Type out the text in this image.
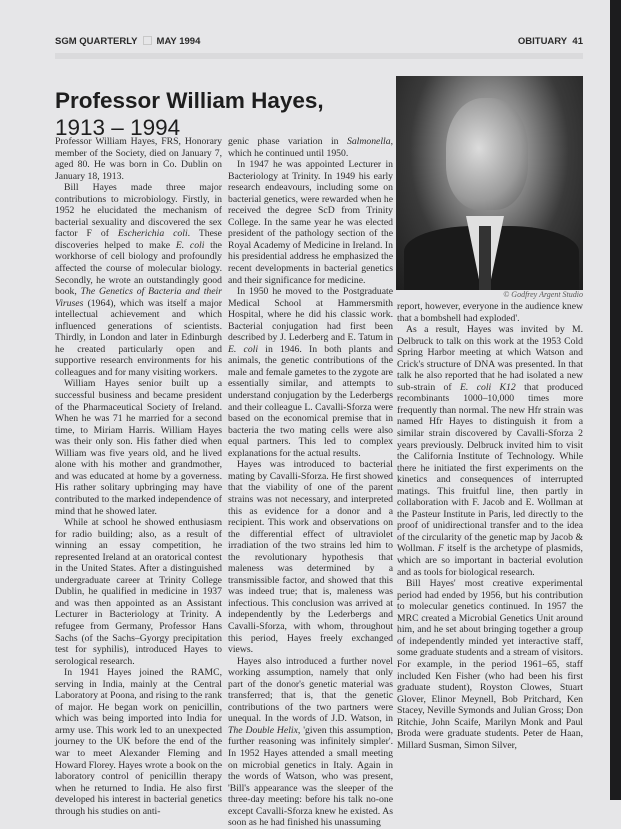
SGM QUARTERLY MAY 1994	OBITUARY 41
Professor William Hayes,
1913 – 1994
© Godfrey Argent Studio

Professor William Hayes, FRS, Honorary member of the Society, died on January 7, aged 80. He was born in Co. Dublin on January 18, 1913.

Bill Hayes made three major contributions to microbiology. Firstly, in 1952 he elucidated the mechanism of bacterial sexuality and discovered the sex factor F of Escherichia coli. These discoveries helped to make E. coli the workhorse of cell biology and profoundly affected the course of molecular biology. Secondly, he wrote an outstandingly good book, The Genetics of Bacteria and their Viruses (1964), which was itself a major intellectual achievement and which influenced generations of scientists. Thirdly, in London and later in Edinburgh he created particularly open and supportive research environments for his colleagues and for many visiting workers.

William Hayes senior built up a successful business and became president of the Pharmaceutical Society of Ireland. When he was 71 he married for a second time, to Miriam Harris. William Hayes was their only son. His father died when William was five years old, and he lived alone with his mother and grandmother, and was educated at home by a governess. His rather solitary upbringing may have contributed to the marked independence of mind that he showed later.

While at school he showed enthusiasm for radio building; also, as a result of winning an essay competition, he represented Ireland at an oratorical contest in the United States. After a distinguished undergraduate career at Trinity College Dublin, he qualified in medicine in 1937 and was then appointed as an Assistant Lecturer in Bacteriology at Trinity. A refugee from Germany, Professor Hans Sachs (of the Sachs–Gyorgy precipitation test for syphilis), introduced Hayes to serological research.

In 1941 Hayes joined the RAMC, serving in India, mainly at the Central Laboratory at Poona, and rising to the rank of major. He began work on penicillin, which was being imported into India for army use. This work led to an unexpected journey to the UK before the end of the war to meet Alexander Fleming and Howard Florey. Hayes wrote a book on the laboratory control of penicillin therapy when he returned to India. He also first developed his interest in bacterial genetics through his studies on anti-

genic phase variation in Salmonella, which he continued until 1950.

In 1947 he was appointed Lecturer in Bacteriology at Trinity. In 1949 his early research endeavours, including some on bacterial genetics, were rewarded when he received the degree ScD from Trinity College. In the same year he was elected president of the pathology section of the Royal Academy of Medicine in Ireland. In his presidential address he emphasized the recent developments in bacterial genetics and their significance for medicine.

In 1950 he moved to the Postgraduate Medical School at Hammersmith Hospital, where he did his classic work. Bacterial conjugation had first been described by J. Lederberg and E. Tatum in E. coli in 1946. In both plants and animals, the genetic contributions of the male and female gametes to the zygote are essentially similar, and attempts to understand conjugation by the Lederbergs and their colleague L. Cavalli-Sforza were based on the economical premise that in bacteria the two mating cells were also equal partners. This led to complex explanations for the actual results.

Hayes was introduced to bacterial mating by Cavalli-Sforza. He first showed that the viability of one of the parent strains was not necessary, and interpreted this as evidence for a donor and a recipient. This work and observations on the differential effect of ultraviolet irradiation of the two strains led him to the revolutionary hypothesis that maleness was determined by a transmissible factor, and showed that this was indeed true; that is, maleness was infectious. This conclusion was arrived at independently by the Lederbergs and Cavalli-Sforza, with whom, throughout this period, Hayes freely exchanged views.

Hayes also introduced a further novel working assumption, namely that only part of the donor's genetic material was transferred; that is, that the genetic contributions of the two partners were unequal. In the words of J.D. Watson, in The Double Helix, 'given this assumption, further reasoning was infinitely simpler'. In 1952 Hayes attended a small meeting on microbial genetics in Italy. Again in the words of Watson, who was present, 'Bill's appearance was the sleeper of the three-day meeting: before his talk no-one except Cavalli-Sforza knew he existed. As soon as he had finished his unassuming

report, however, everyone in the audience knew that a bombshell had exploded'.

As a result, Hayes was invited by M. Delbruck to talk on this work at the 1953 Cold Spring Harbor meeting at which Watson and Crick's structure of DNA was presented. In that talk he also reported that he had isolated a new sub-strain of E. coli K12 that produced recombinants 1000–10,000 times more frequently than normal. The new Hfr strain was named Hfr Hayes to distinguish it from a similar strain discovered by Cavalli-Sforza 2 years previously. Delbruck invited him to visit the California Institute of Technology. While there he initiated the first experiments on the kinetics and consequences of interrupted matings. This fruitful line, then partly in collaboration with F. Jacob and E. Wollman at the Pasteur Institute in Paris, led directly to the proof of unidirectional transfer and to the idea of the circularity of the genetic map by Jacob & Wollman. F itself is the archetype of plasmids, which are so important in bacterial evolution and as tools for biological research.

Bill Hayes' most creative experimental period had ended by 1956, but his contribution to molecular genetics continued. In 1957 the MRC created a Microbial Genetics Unit around him, and he set about bringing together a group of independently minded yet interactive staff, some graduate students and a stream of visitors. For example, in the period 1961–65, staff included Ken Fisher (who had been his first graduate student), Royston Clowes, Stuart Glover, Elinor Meynell, Bob Pritchard, Ken Stacey, Neville Symonds and Julian Gross; Don Ritchie, John Scaife, Marilyn Monk and Paul Broda were graduate students. Peter de Haan, Millard Susman, Simon Silver,
